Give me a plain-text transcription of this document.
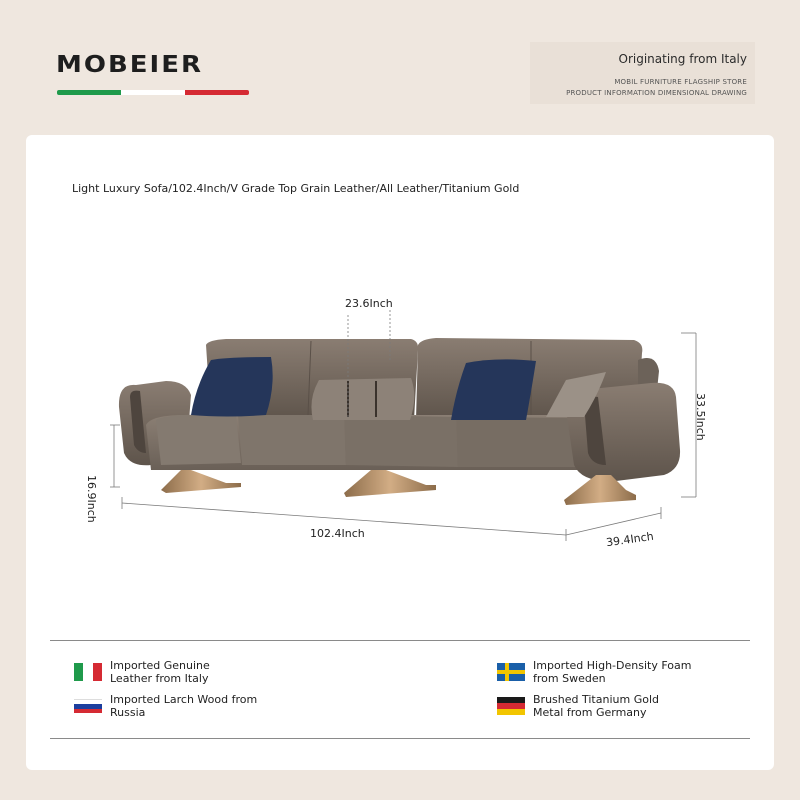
MOBEIER	Originating from Italy
MOBIL FURNITURE FLAGSHIP STORE
PRODUCT INFORMATION DIMENSIONAL DRAWING
Light Luxury Sofa/102.4Inch/V Grade Top Grain Leather/All Leather/Titanium Gold
23.6Inch
33.5Inch
16.9Inch
102.4Inch	39.4Inch
Imported Genuine
Leather from Italy
Imported Larch Wood from
Russia
Imported High-Density Foam
from Sweden
Brushed Titanium Gold
Metal from Germany
